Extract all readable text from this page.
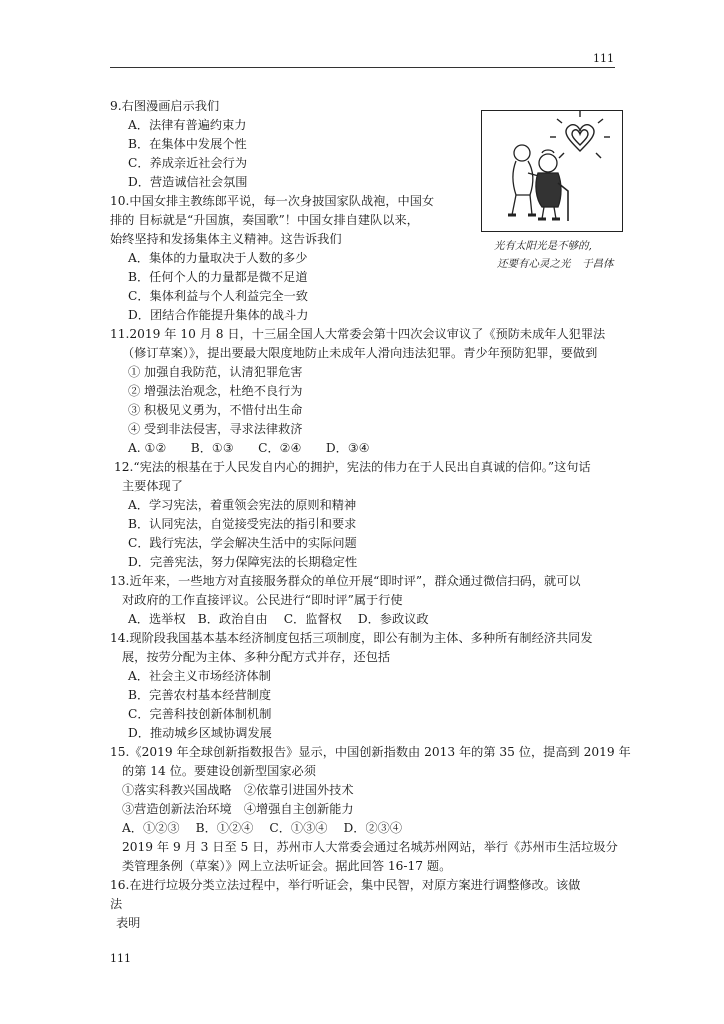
111
9.右图漫画启示我们
A．法律有普遍约束力
B．在集体中发展个性
C．养成亲近社会行为
D．营造诚信社会氛围
10.中国女排主教练郎平说，每一次身披国家队战袍，中国女
排的 目标就是“升国旗，奏国歌”！中国女排自建队以来，
始终坚持和发扬集体主义精神。这告诉我们
A．集体的力量取决于人数的多少
B．任何个人的力量都是微不足道
C．集体利益与个人利益完全一致
D．团结合作能提升集体的战斗力
光有太阳光是不够的,
还要有心灵之光 于昌体
11.2019 年 10 月 8 日，十三届全国人大常委会第十四次会议审议了《预防未成年人犯罪法
（修订草案）》，提出要最大限度地防止未成年人滑向违法犯罪。青少年预防犯罪，要做到
① 加强自我防范，认清犯罪危害
② 增强法治观念，杜绝不良行为
③ 积极见义勇为，不惜付出生命
④ 受到非法侵害，寻求法律救济
A. ①②　　B．①③　　C．②④　　D．③④
12.“宪法的根基在于人民发自内心的拥护，宪法的伟力在于人民出自真诚的信仰。”这句话
主要体现了
A．学习宪法，着重领会宪法的原则和精神
B．认同宪法，自觉接受宪法的指引和要求
C．践行宪法，学会解决生活中的实际问题
D．完善宪法，努力保障宪法的长期稳定性
13.近年来，一些地方对直接服务群众的单位开展“即时评”，群众通过微信扫码，就可以
对政府的工作直接评议。公民进行“即时评”属于行使
A．选举权　B．政治自由　 C．监督权　 D．参政议政
14.现阶段我国基本基本经济制度包括三项制度，即公有制为主体、多种所有制经济共同发
展，按劳分配为主体、多种分配方式并存，还包括
A．社会主义市场经济体制
B．完善农村基本经营制度
C．完善科技创新体制机制
D．推动城乡区域协调发展
15.《2019 年全球创新指数报告》显示，中国创新指数由 2013 年的第 35 位，提高到 2019 年
的第 14 位。要建设创新型国家必须
①落实科教兴国战略　②依靠引进国外技术
③营造创新法治环境　④增强自主创新能力
A．①②③　 B．①②④　 C．①③④　 D．②③④
2019 年 9 月 3 日至 5 日，苏州市人大常委会通过名城苏州网站，举行《苏州市生活垃圾分
类管理条例（草案）》网上立法听证会。据此回答 16-17 题。
16.在进行垃圾分类立法过程中，举行听证会，集中民智，对原方案进行调整修改。该做
法
表明
111
